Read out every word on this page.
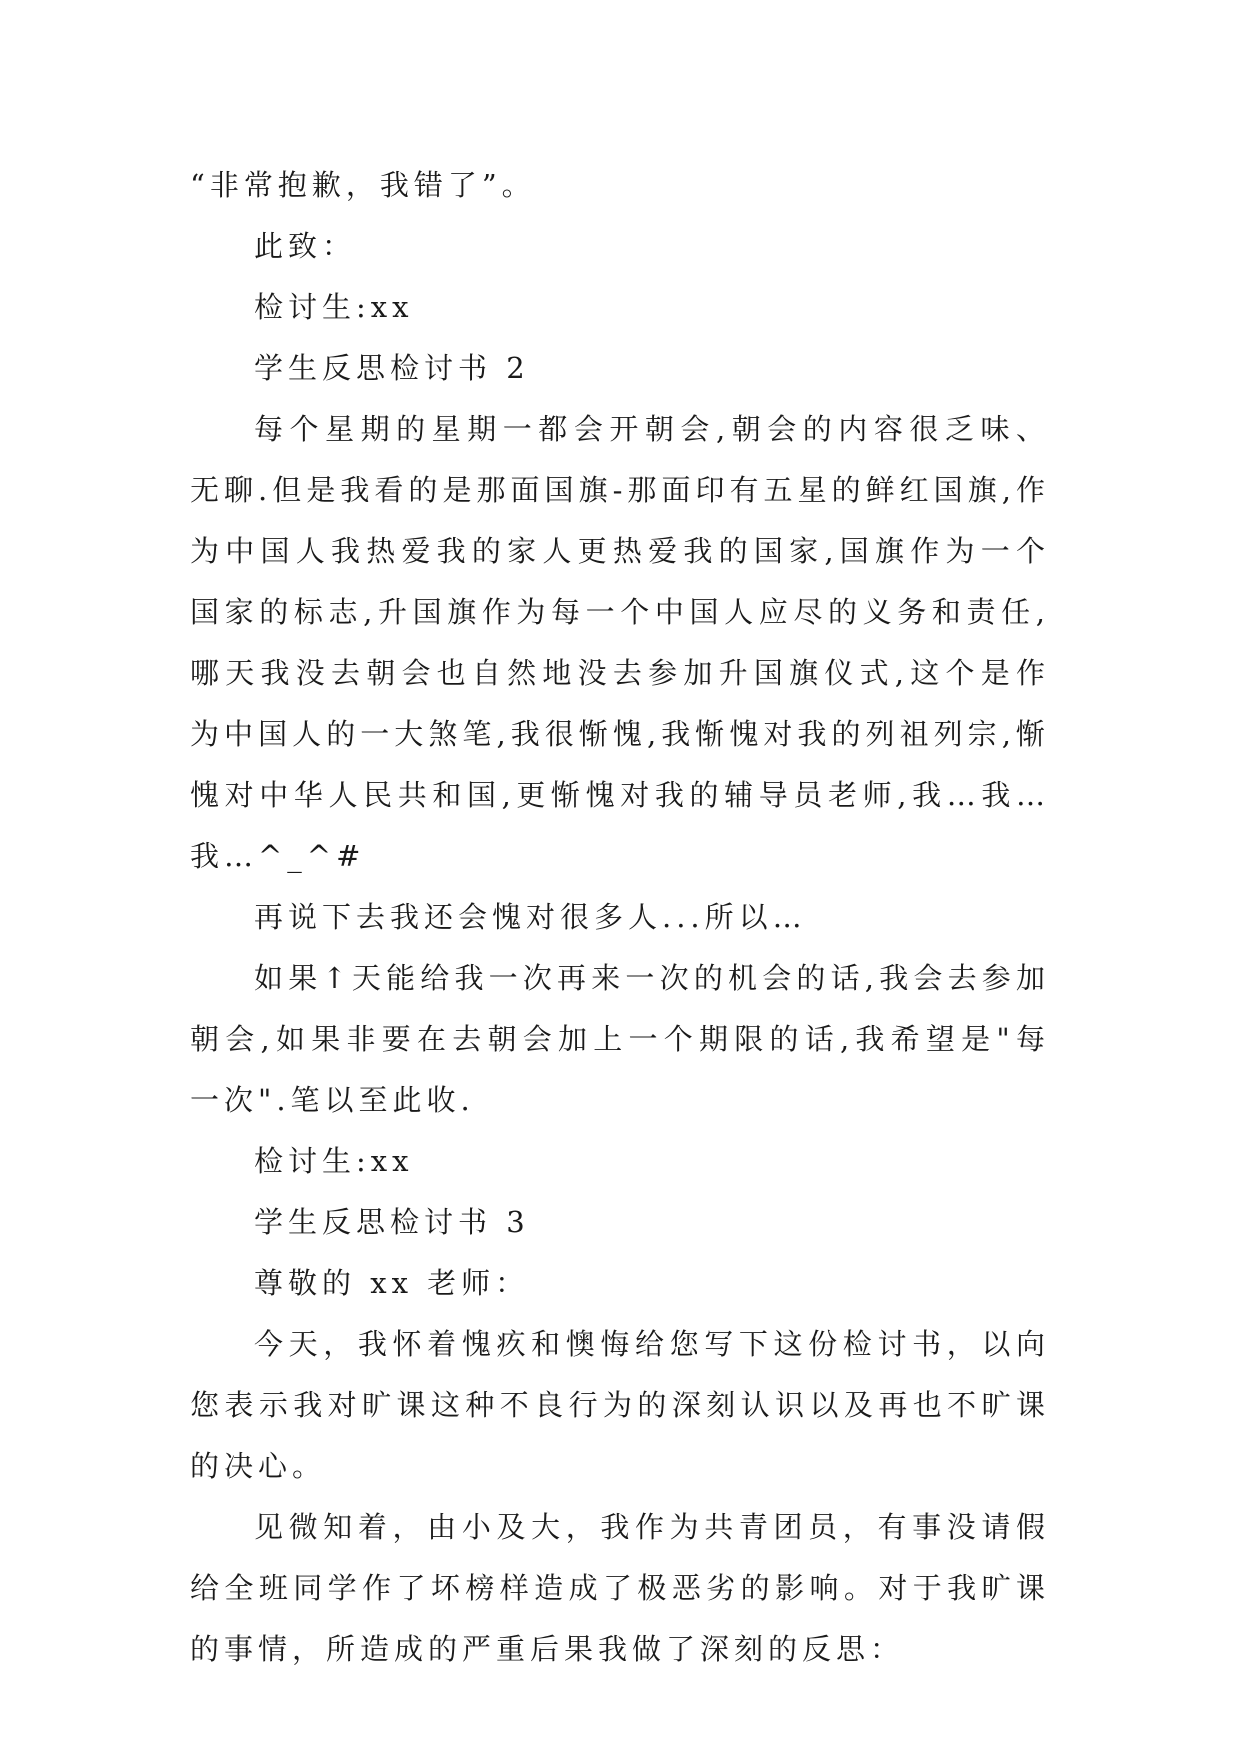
“非常抱歉，我错了”。

此致：

检讨生:xx

学生反思检讨书 2

每个星期的星期一都会开朝会,朝会的内容很乏味、无聊.但是我看的是那面国旗-那面印有五星的鲜红国旗,作为中国人我热爱我的家人更热爱我的国家,国旗作为一个国家的标志,升国旗作为每一个中国人应尽的义务和责任,哪天我没去朝会也自然地没去参加升国旗仪式,这个是作为中国人的一大煞笔,我很惭愧,我惭愧对我的列祖列宗,惭愧对中华人民共和国,更惭愧对我的辅导员老师,我…我…我…^_^#

再说下去我还会愧对很多人...所以…

如果↑天能给我一次再来一次的机会的话,我会去参加朝会,如果非要在去朝会加上一个期限的话,我希望是"每一次".笔以至此收.

检讨生:xx

学生反思检讨书 3

尊敬的 xx 老师：

今天，我怀着愧疚和懊悔给您写下这份检讨书，以向您表示我对旷课这种不良行为的深刻认识以及再也不旷课的决心。

见微知着，由小及大，我作为共青团员，有事没请假给全班同学作了坏榜样造成了极恶劣的影响。对于我旷课的事情，所造成的严重后果我做了深刻的反思：
